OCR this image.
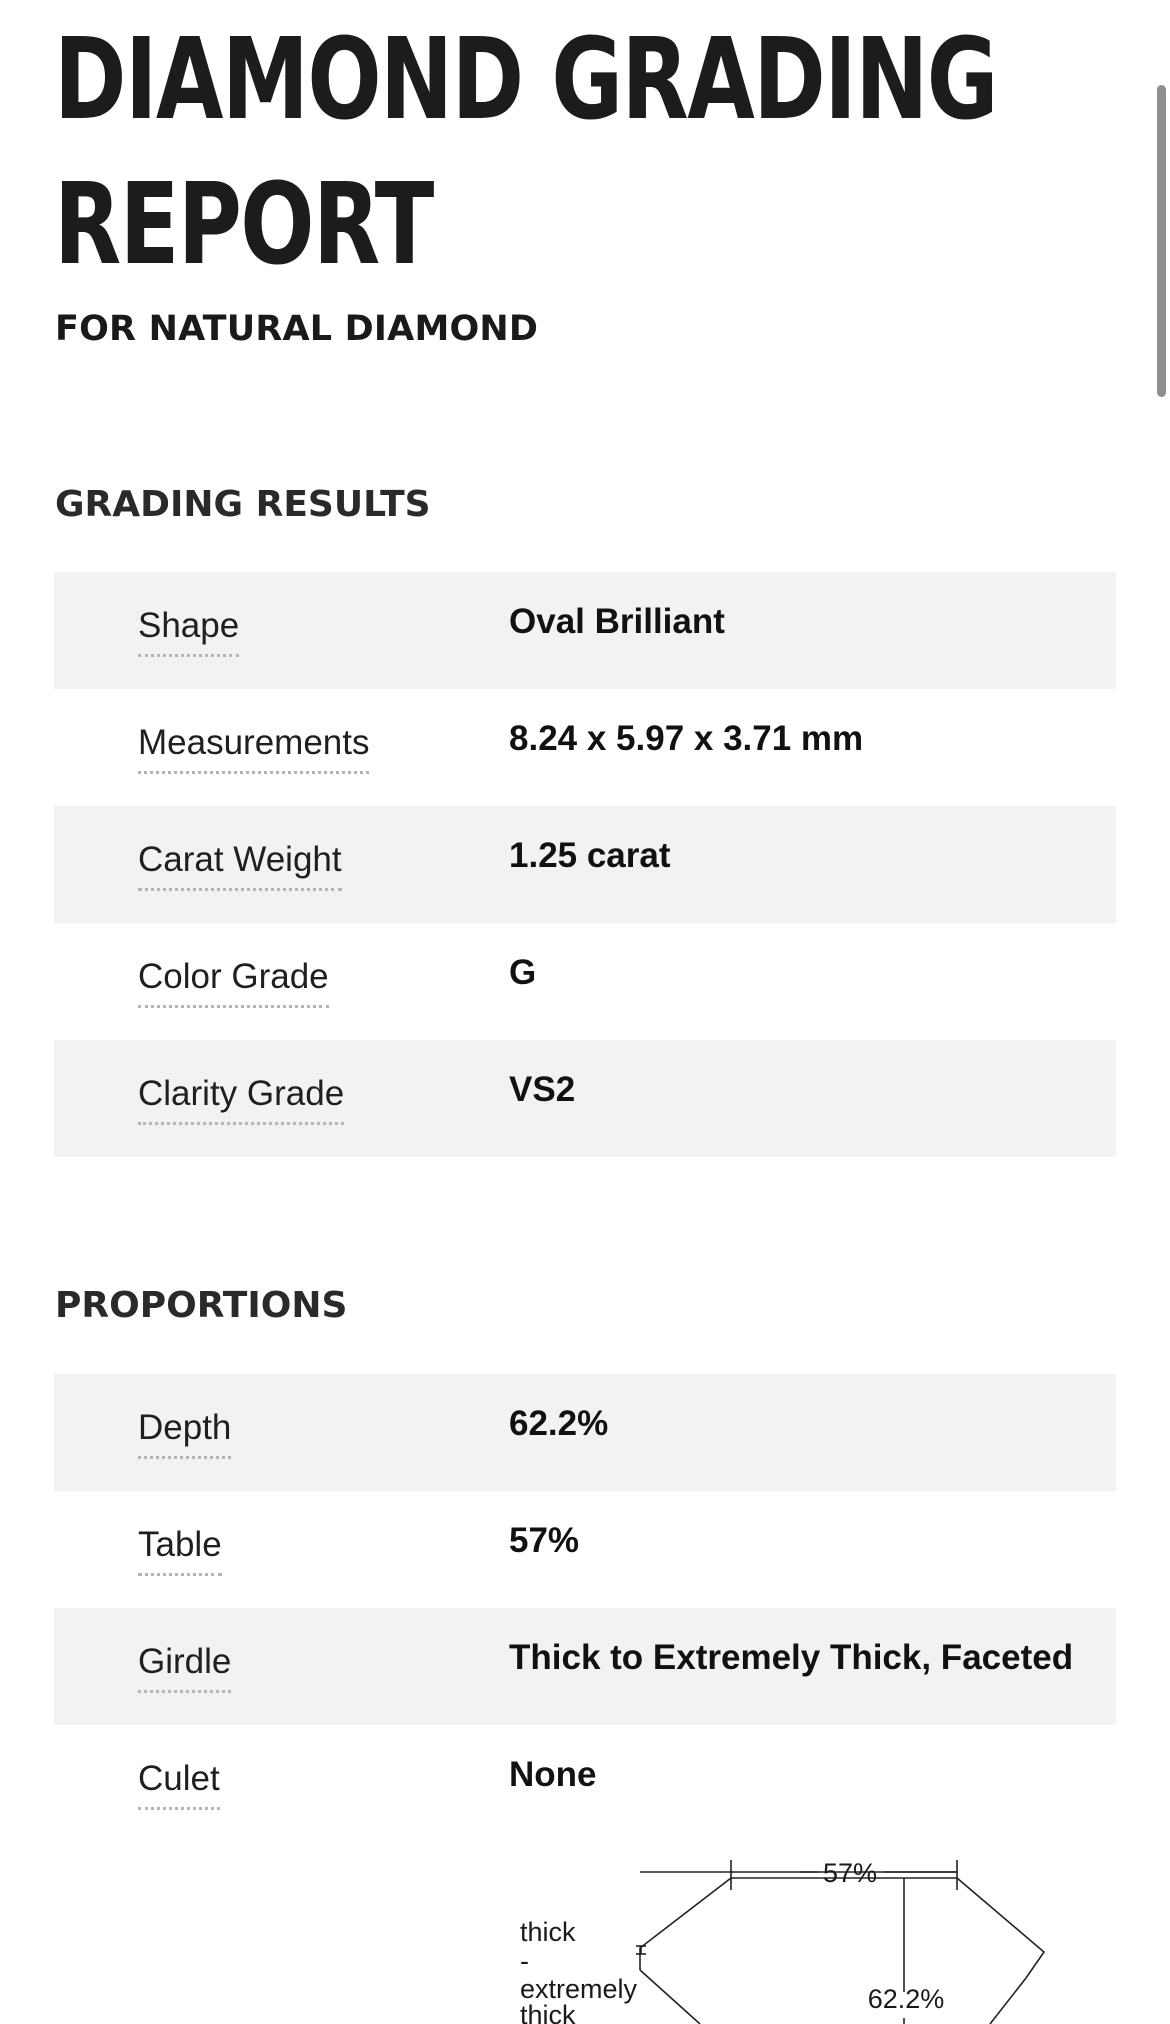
DIAMOND GRADING
REPORT
FOR NATURAL DIAMOND
GRADING RESULTS
Shape	Oval Brilliant
Measurements	8.24 x 5.97 x 3.71 mm
Carat Weight	1.25 carat
Color Grade	G
Clarity Grade	VS2
PROPORTIONS
Depth	62.2%
Table	57%
Girdle	Thick to Extremely Thick, Faceted
Culet	None
57%
62.2%
thick
-
extremely
thick
